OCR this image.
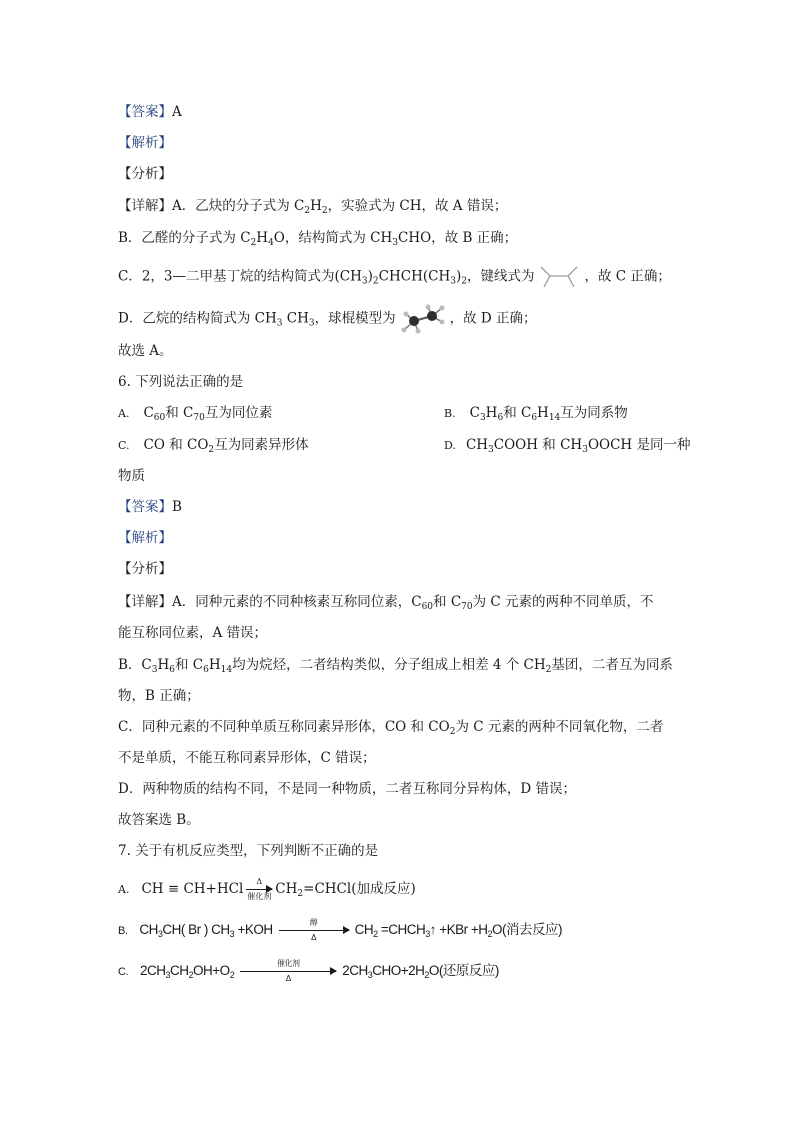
【答案】A
【解析】
【分析】
【详解】A．乙炔的分子式为 $C_2H_2$，实验式为 CH，故 A 错误；
B．乙醛的分子式为 $C_2H_4O$，结构简式为 $CH_3CHO$，故 B 正确；
C．2，3—二甲基丁烷的结构简式为$(CH_3)_2CHCH(CH_3)_2$，键线式为	，故 C 正确；
D．乙烷的结构简式为 $CH_3$ $CH_3$，球棍模型为	，故 D 正确；
故选 A。
6. 下列说法正确的是
A. $C_{60}$和 $C_{70}$互为同位素	B. $C_3H_6$和 $C_6H_{14}$互为同系物
C. CO 和 $CO_2$互为同素异形体	D. $CH_3COOH$ 和 $CH_3OOCH$ 是同一种
物质
【答案】B
【解析】
【分析】
【详解】A．同种元素的不同种核素互称同位素，$C_{60}$和 $C_{70}$为 C 元素的两种不同单质，不
能互称同位素，A 错误；
B．$C_3H_6$和 $C_6H_{14}$均为烷烃，二者结构类似，分子组成上相差 4 个 $CH_2$基团，二者互为同系
物，B 正确；
C．同种元素的不同种单质互称同素异形体，CO 和 $CO_2$为 C 元素的两种不同氧化物，二者
不是单质，不能互称同素异形体，C 错误；
D．两种物质的结构不同，不是同一种物质，二者互称同分异构体，D 错误；
故答案选 B。
7. 关于有机反应类型，下列判断不正确的是
A. CH ≡ CH+HCl	Δ
催化剂 $CH_2=CHCl$(加成反应)
B. $CH_3CH$( Br ) $CH_3 +KOH$	醇
Δ
$CH_2$ $=CHCH_3↑ +KBr +H_2O$(消去反应)
C. $2CH_3CH_2OH+O_2$
催化剂
Δ
$2CH_3CHO+2H_2O$(还原反应)
